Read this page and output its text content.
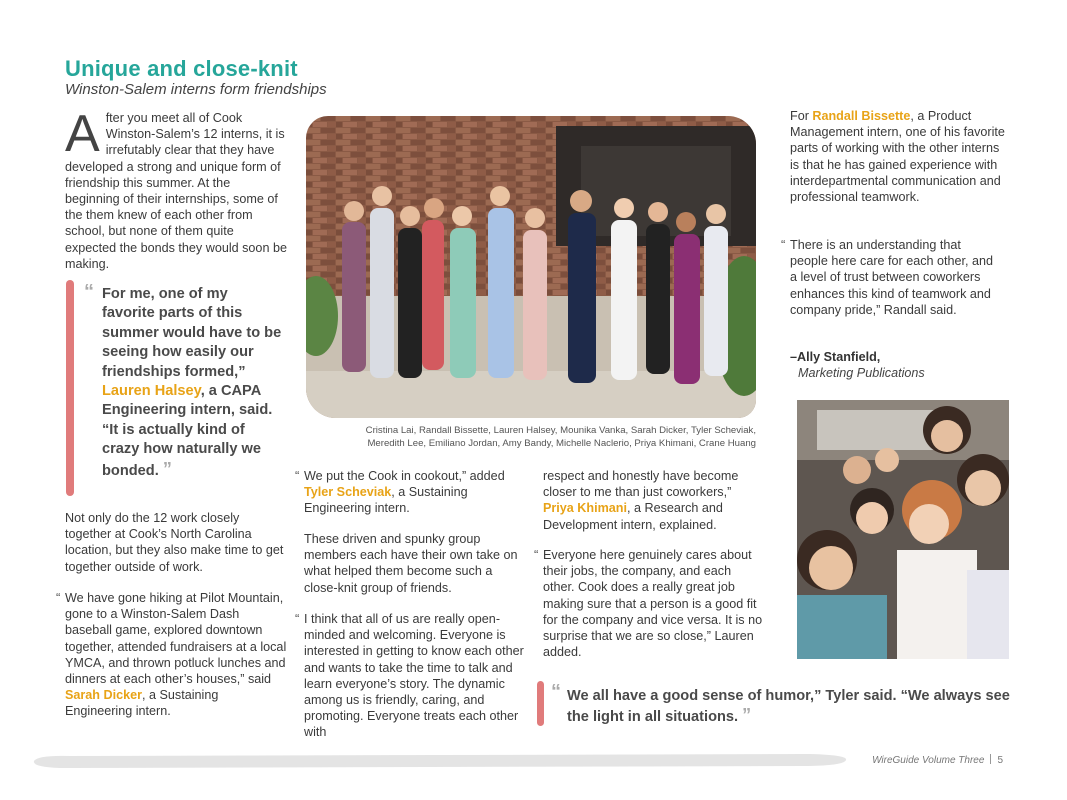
Unique and close-knit
Winston-Salem interns form friendships
A fter you meet all of Cook Winston-Salem’s 12 interns, it is irrefutably clear that they have developed a strong and unique form of friendship this summer. At the beginning of their internships, some of the them knew of each other from school, but none of them quite expected the bonds they would soon be making.
“ For me, one of my favorite parts of this summer would have to be seeing how easily our friendships formed,” Lauren Halsey, a CAPA Engineering intern, said. “It is actually kind of crazy how naturally we bonded. ”
Not only do the 12 work closely together at Cook’s North Carolina location, but they also make time to get together outside of work.
“ We have gone hiking at Pilot Mountain, gone to a Winston-Salem Dash baseball game, explored downtown together, attended fundraisers at a local YMCA, and thrown potluck lunches and dinners at each other’s houses,” said Sarah Dicker, a Sustaining Engineering intern.
Cristina Lai, Randall Bissette, Lauren Halsey, Mounika Vanka, Sarah Dicker, Tyler Scheviak,
Meredith Lee, Emiliano Jordan, Amy Bandy, Michelle Naclerio, Priya Khimani, Crane Huang
“ We put the Cook in cookout,” added Tyler Scheviak, a Sustaining Engineering intern.
These driven and spunky group members each have their own take on what helped them become such a close-knit group of friends.
“ I think that all of us are really open-minded and welcoming. Everyone is interested in getting to know each other and wants to take the time to talk and learn everyone’s story. The dynamic among us is friendly, caring, and promoting. Everyone treats each other with
respect and honestly have become closer to me than just coworkers,” Priya Khimani, a Research and Development intern, explained.
“ Everyone here genuinely cares about their jobs, the company, and each other. Cook does a really great job making sure that a person is a good fit for the company and vice versa. It is no surprise that we are so close,” Lauren added.
“ We all have a good sense of humor,” Tyler said. “We always see the light in all situations. ”
For Randall Bissette, a Product Management intern, one of his favorite parts of working with the other interns is that he has gained experience with interdepartmental communication and professional teamwork.
“ There is an understanding that people here care for each other, and a level of trust between coworkers enhances this kind of teamwork and company pride,” Randall said.
–Ally Stanfield,
Marketing Publications
WireGuide Volume Three 5
